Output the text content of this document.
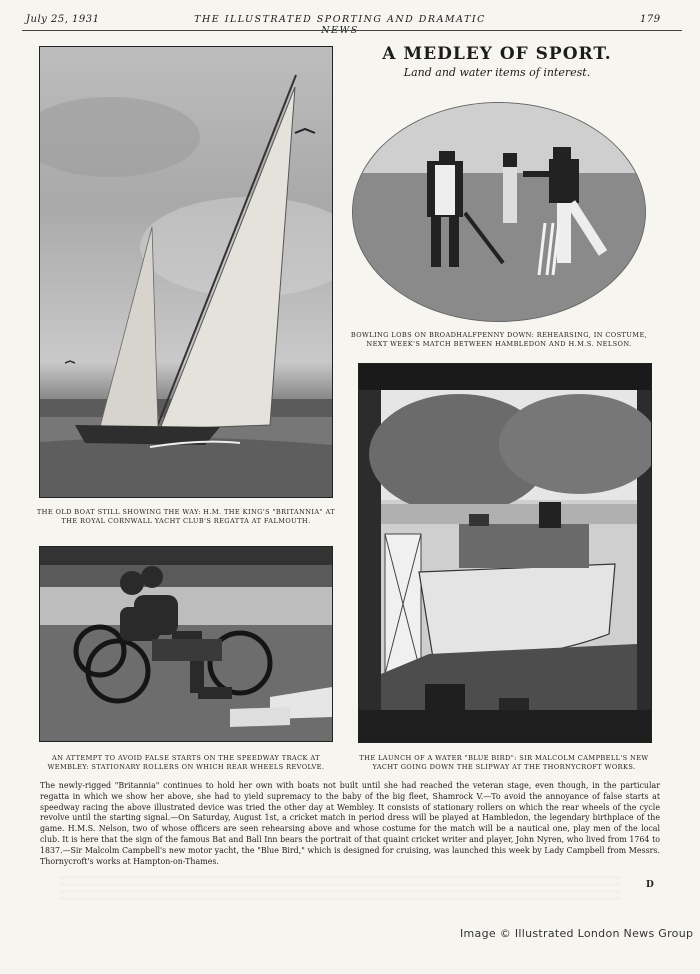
July 25, 1931	THE ILLUSTRATED SPORTING AND DRAMATIC	179
A MEDLEY OF SPORT.
Land and water items of interest.
THE OLD BOAT STILL SHOWING THE WAY: H.M. THE KING'S "BRITANNIA" AT THE ROYAL CORNWALL YACHT CLUB'S REGATTA AT FALMOUTH.
BOWLING LOBS ON BROADHALFPENNY DOWN: REHEARSING, IN COSTUME, NEXT WEEK'S MATCH BETWEEN HAMBLEDON AND H.M.S. NELSON.
AN ATTEMPT TO AVOID FALSE STARTS ON THE SPEEDWAY TRACK AT WEMBLEY: STATIONARY ROLLERS ON WHICH REAR WHEELS REVOLVE.
THE LAUNCH OF A WATER "BLUE BIRD": SIR MALCOLM CAMPBELL'S NEW YACHT GOING DOWN THE SLIPWAY AT THE THORNYCROFT WORKS.
The newly-rigged "Britannia" continues to hold her own with boats not built until she had reached the veteran stage, even though, in the particular regatta in which we show her above, she had to yield supremacy to the baby of the big fleet, Shamrock V.—To avoid the annoyance of false starts at speedway racing the above illustrated device was tried the other day at Wembley. It consists of stationary rollers on which the rear wheels of the cycle revolve until the starting signal.—On Saturday, August 1st, a cricket match in period dress will be played at Hambledon, the legendary birthplace of the game. H.M.S. Nelson, two of whose officers are seen rehearsing above and whose costume for the match will be a nautical one, play men of the local club. It is here that the sign of the famous Bat and Ball Inn bears the portrait of that quaint cricket writer and player, John Nyren, who lived from 1764 to 1837.—Sir Malcolm Campbell's new motor yacht, the "Blue Bird," which is designed for cruising, was launched this week by Lady Campbell from Messrs. Thornycroft's works at Hampton-on-Thames.
D
Image © Illustrated London News Group
